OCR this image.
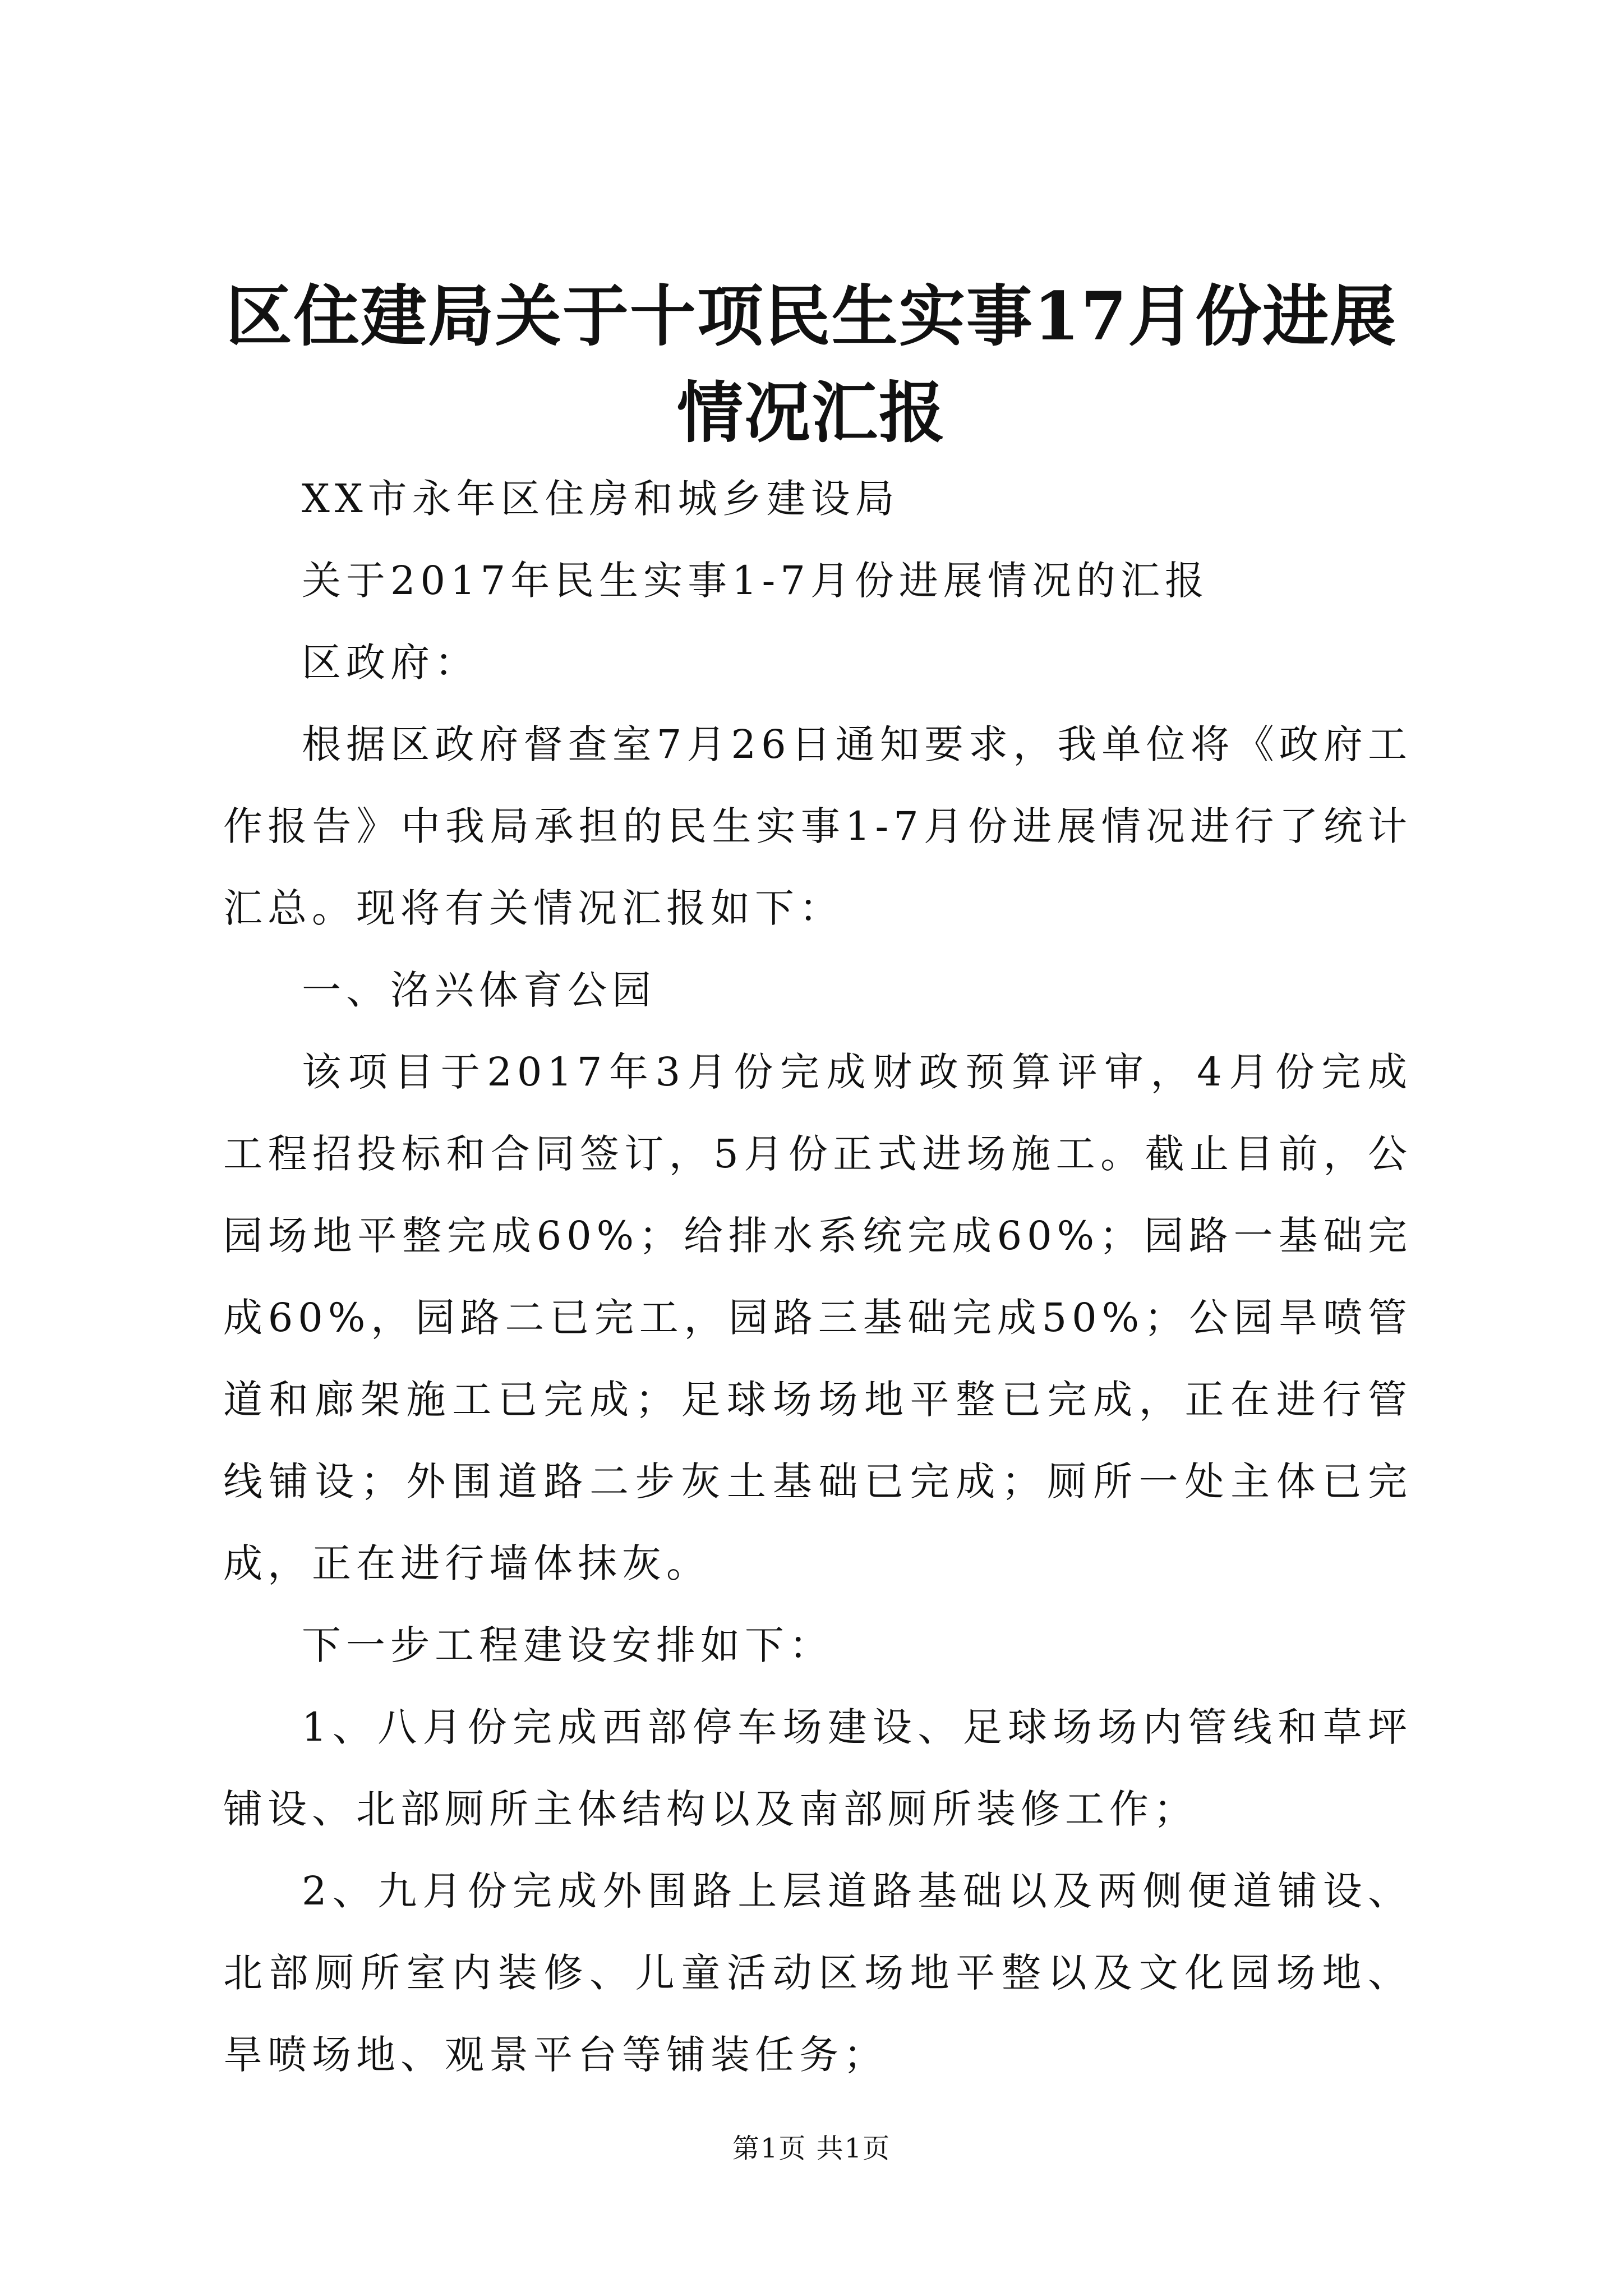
区住建局关于十项民生实事17月份进展情况汇报

XX市永年区住房和城乡建设局

关于2017年民生实事1-7月份进展情况的汇报

区政府：

根据区政府督查室7月26日通知要求，我单位将《政府工作报告》中我局承担的民生实事1-7月份进展情况进行了统计汇总。现将有关情况汇报如下：

一、洺兴体育公园

该项目于2017年3月份完成财政预算评审，4月份完成工程招投标和合同签订，5月份正式进场施工。截止目前，公园场地平整完成60%；给排水系统完成60%；园路一基础完成60%，园路二已完工，园路三基础完成50%；公园旱喷管道和廊架施工已完成；足球场场地平整已完成，正在进行管线铺设；外围道路二步灰土基础已完成；厕所一处主体已完成，正在进行墙体抹灰。

下一步工程建设安排如下：

1、八月份完成西部停车场建设、足球场场内管线和草坪铺设、北部厕所主体结构以及南部厕所装修工作；

2、九月份完成外围路上层道路基础以及两侧便道铺设、北部厕所室内装修、儿童活动区场地平整以及文化园场地、旱喷场地、观景平台等铺装任务；

第1页 共1页
